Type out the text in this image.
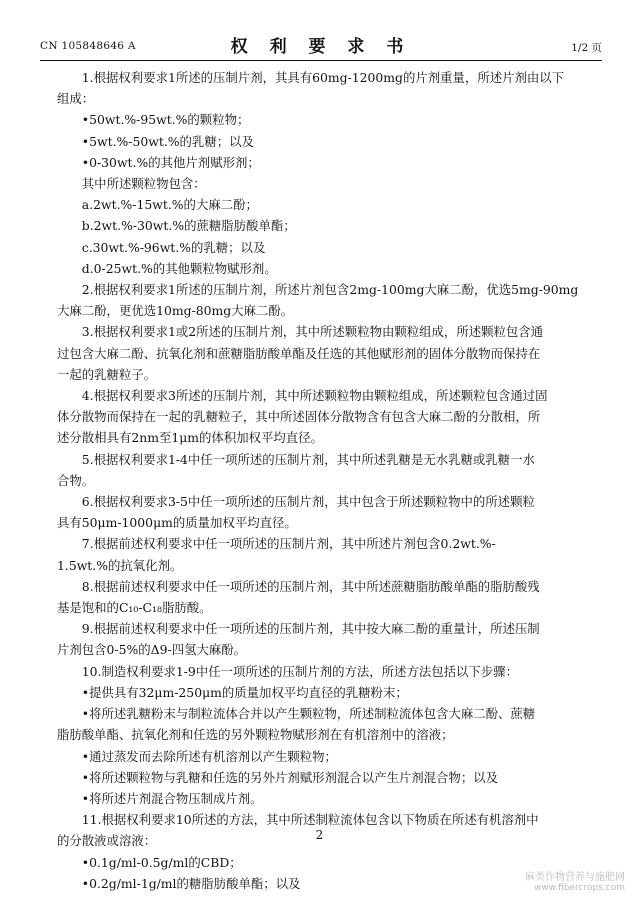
CN 105848646 A	权 利 要 求 书	1/2 页

1.根据权利要求1所述的压制片剂，其具有60mg-1200mg的片剂重量，所述片剂由以下

组成：

•50wt.%-95wt.%的颗粒物；

•5wt.%-50wt.%的乳糖；以及

•0-30wt.%的其他片剂赋形剂；

其中所述颗粒物包含：

a.2wt.%-15wt.%的大麻二酚；

b.2wt.%-30wt.%的蔗糖脂肪酸单酯；

c.30wt.%-96wt.%的乳糖；以及

d.0-25wt.%的其他颗粒物赋形剂。

2.根据权利要求1所述的压制片剂，所述片剂包含2mg-100mg大麻二酚，优选5mg-90mg

大麻二酚，更优选10mg-80mg大麻二酚。

3.根据权利要求1或2所述的压制片剂，其中所述颗粒物由颗粒组成，所述颗粒包含通

过包含大麻二酚、抗氧化剂和蔗糖脂肪酸单酯及任选的其他赋形剂的固体分散物而保持在

一起的乳糖粒子。

4.根据权利要求3所述的压制片剂，其中所述颗粒物由颗粒组成，所述颗粒包含通过固

体分散物而保持在一起的乳糖粒子，其中所述固体分散物含有包含大麻二酚的分散相，所

述分散相具有2nm至1μm的体积加权平均直径。

5.根据权利要求1-4中任一项所述的压制片剂，其中所述乳糖是无水乳糖或乳糖一水

合物。

6.根据权利要求3-5中任一项所述的压制片剂，其中包含于所述颗粒物中的所述颗粒

具有50μm-1000μm的质量加权平均直径。

7.根据前述权利要求中任一项所述的压制片剂，其中所述片剂包含0.2wt.%-

1.5wt.%的抗氧化剂。

8.根据前述权利要求中任一项所述的压制片剂，其中所述蔗糖脂肪酸单酯的脂肪酸残

基是饱和的C₁₀-C₁₈脂肪酸。

9.根据前述权利要求中任一项所述的压制片剂，其中按大麻二酚的重量计，所述压制

片剂包含0-5%的Δ9-四氢大麻酚。

10.制造权利要求1-9中任一项所述的压制片剂的方法，所述方法包括以下步骤：

•提供具有32μm-250μm的质量加权平均直径的乳糖粉末；

•将所述乳糖粉末与制粒流体合并以产生颗粒物，所述制粒流体包含大麻二酚、蔗糖

脂肪酸单酯、抗氧化剂和任选的另外颗粒物赋形剂在有机溶剂中的溶液；

•通过蒸发而去除所述有机溶剂以产生颗粒物；

•将所述颗粒物与乳糖和任选的另外片剂赋形剂混合以产生片剂混合物；以及

•将所述片剂混合物压制成片剂。

11.根据权利要求10所述的方法，其中所述制粒流体包含以下物质在所述有机溶剂中

的分散液或溶液：

•0.1g/ml-0.5g/ml的CBD；

•0.2g/ml-1g/ml的糖脂肪酸单酯；以及

2
麻类作物营养与施肥网
www.fibercrops.com
